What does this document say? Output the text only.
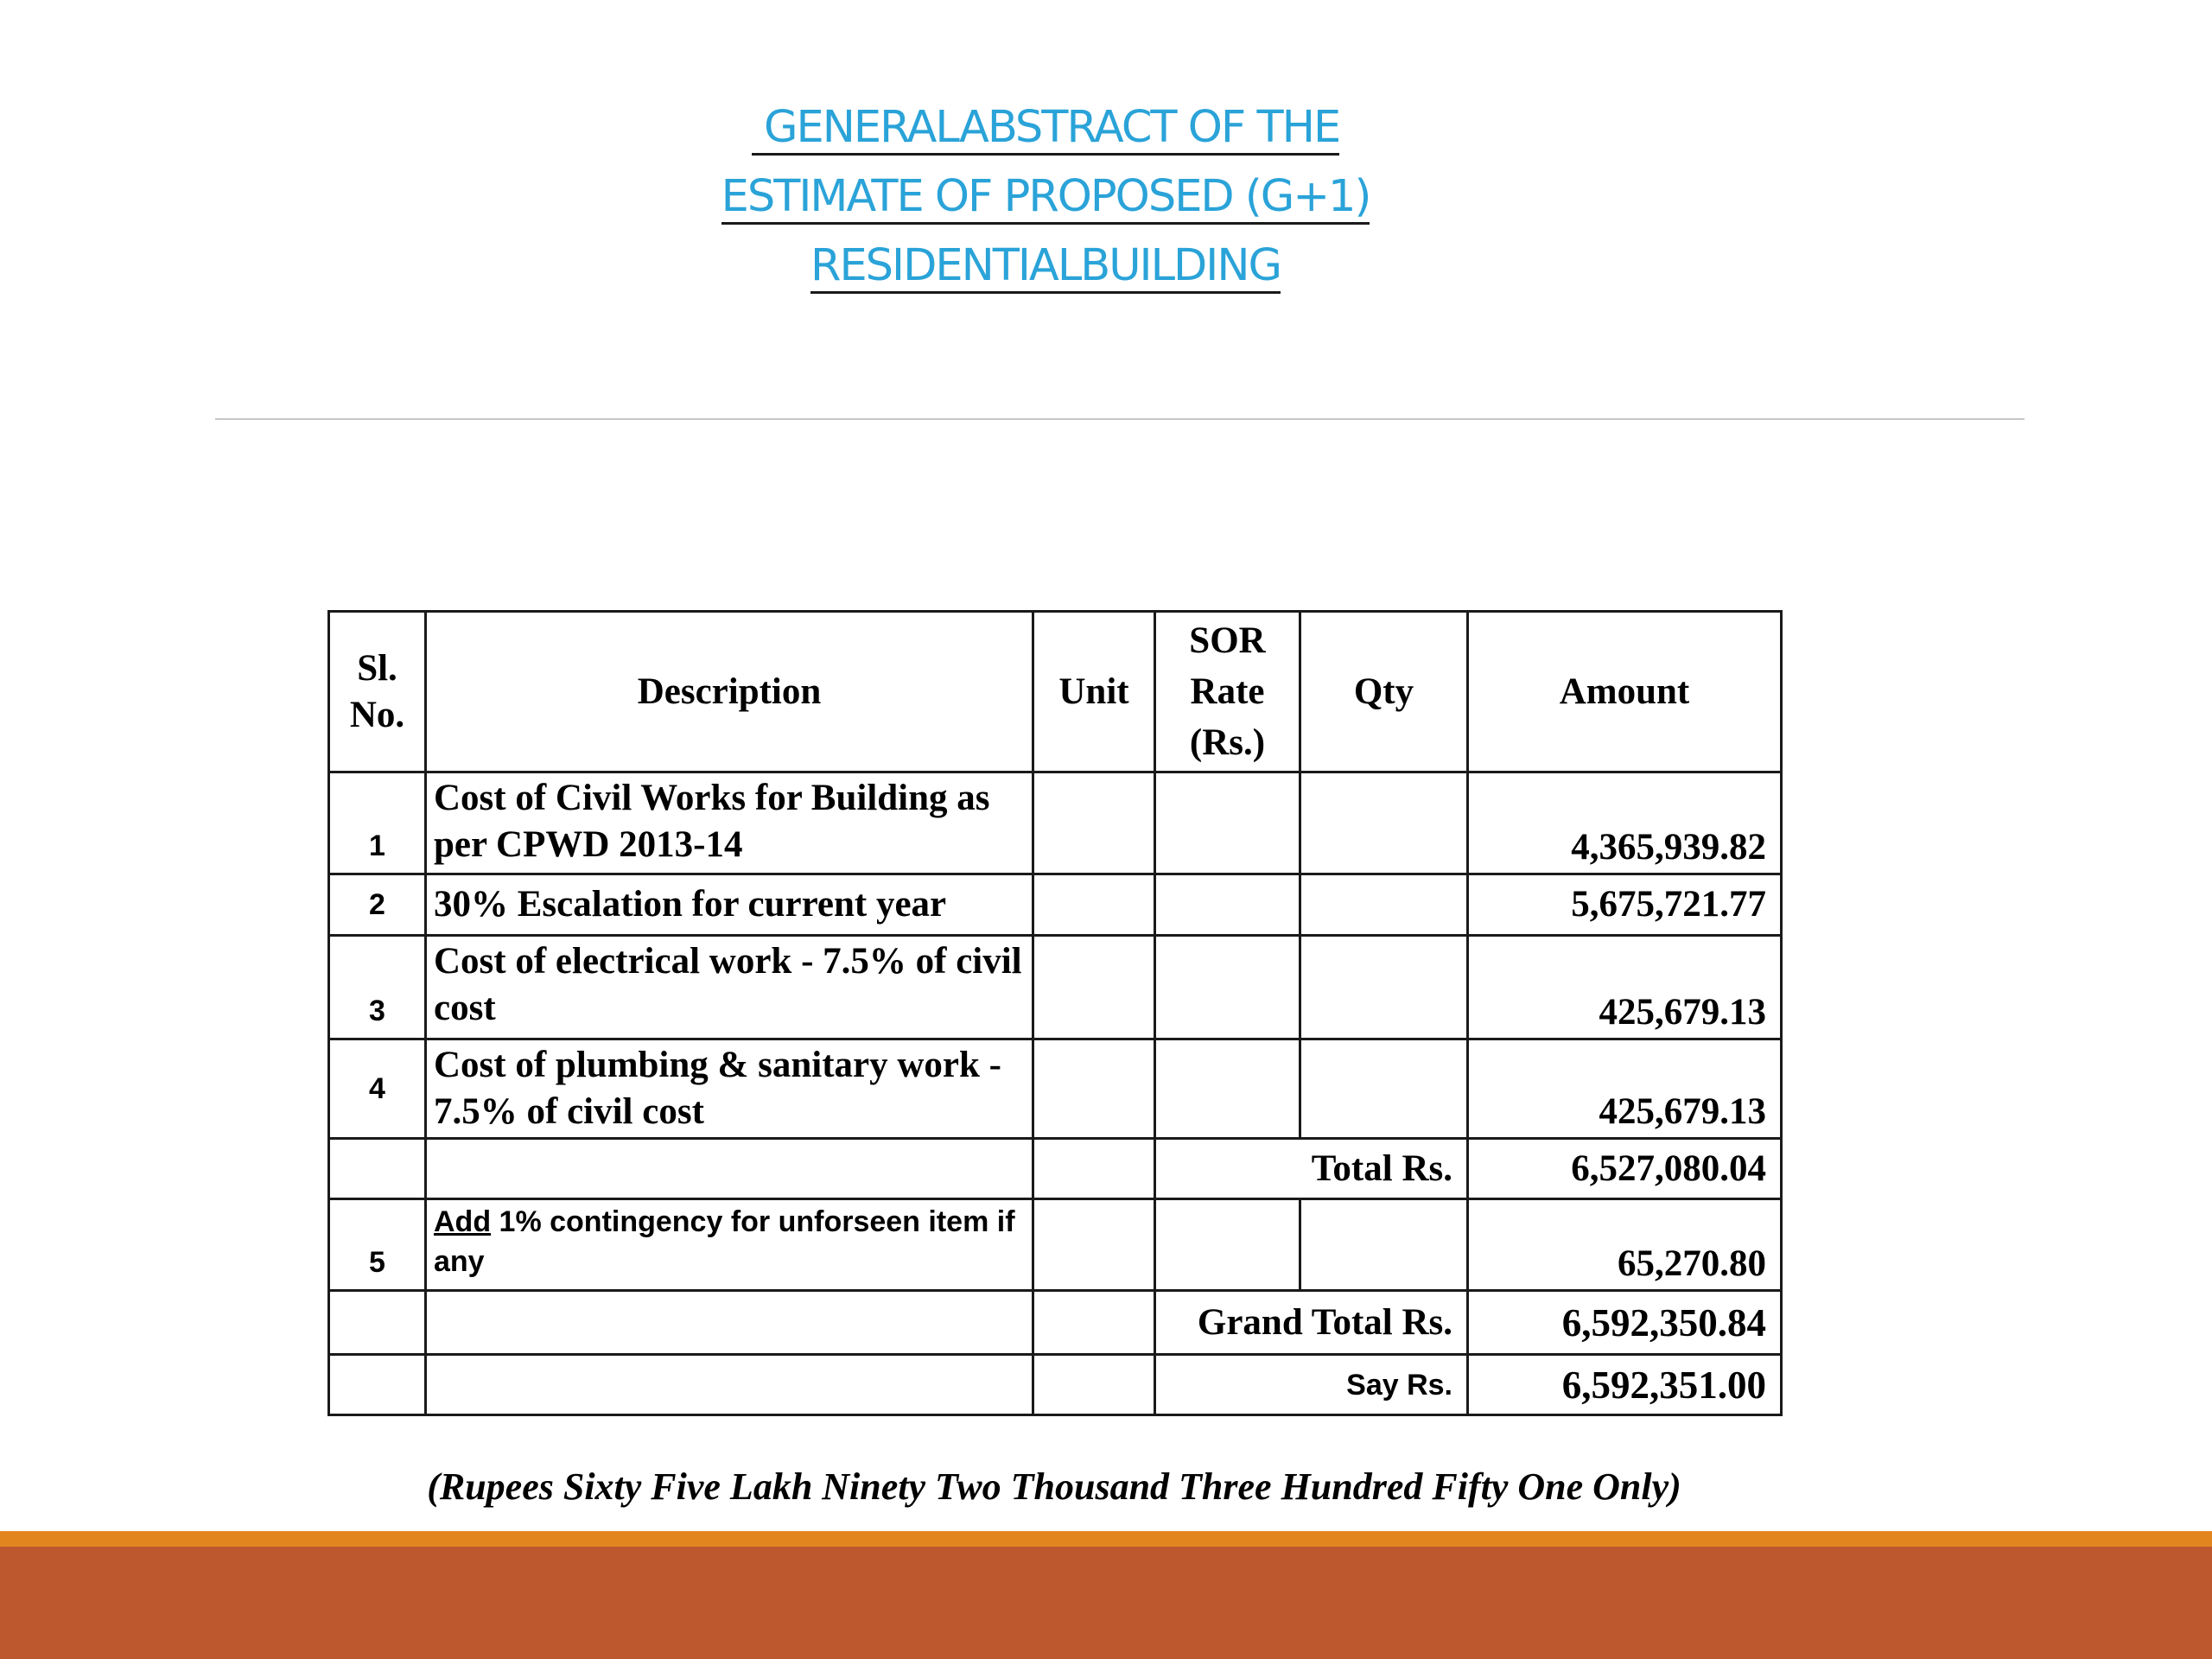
GENERALABSTRACT OF THE
ESTIMATE OF PROPOSED (G+1)
RESIDENTIALBUILDING
Sl. No.	Description	Unit	SOR Rate (Rs.)	Qty	Amount
1	Cost of Civil Works for Building as per CPWD 2013-14				4,365,939.82
2	30% Escalation for current year				5,675,721.77
3	Cost of electrical work - 7.5% of civil cost				425,679.13
4	Cost of plumbing & sanitary work - 7.5% of civil cost				425,679.13
			Total Rs.		6,527,080.04
5	Add 1% contingency for unforseen item if any				65,270.80
			Grand Total Rs.		6,592,350.84
			Say Rs.		6,592,351.00
(Rupees Sixty Five Lakh Ninety Two Thousand Three Hundred Fifty One Only)
